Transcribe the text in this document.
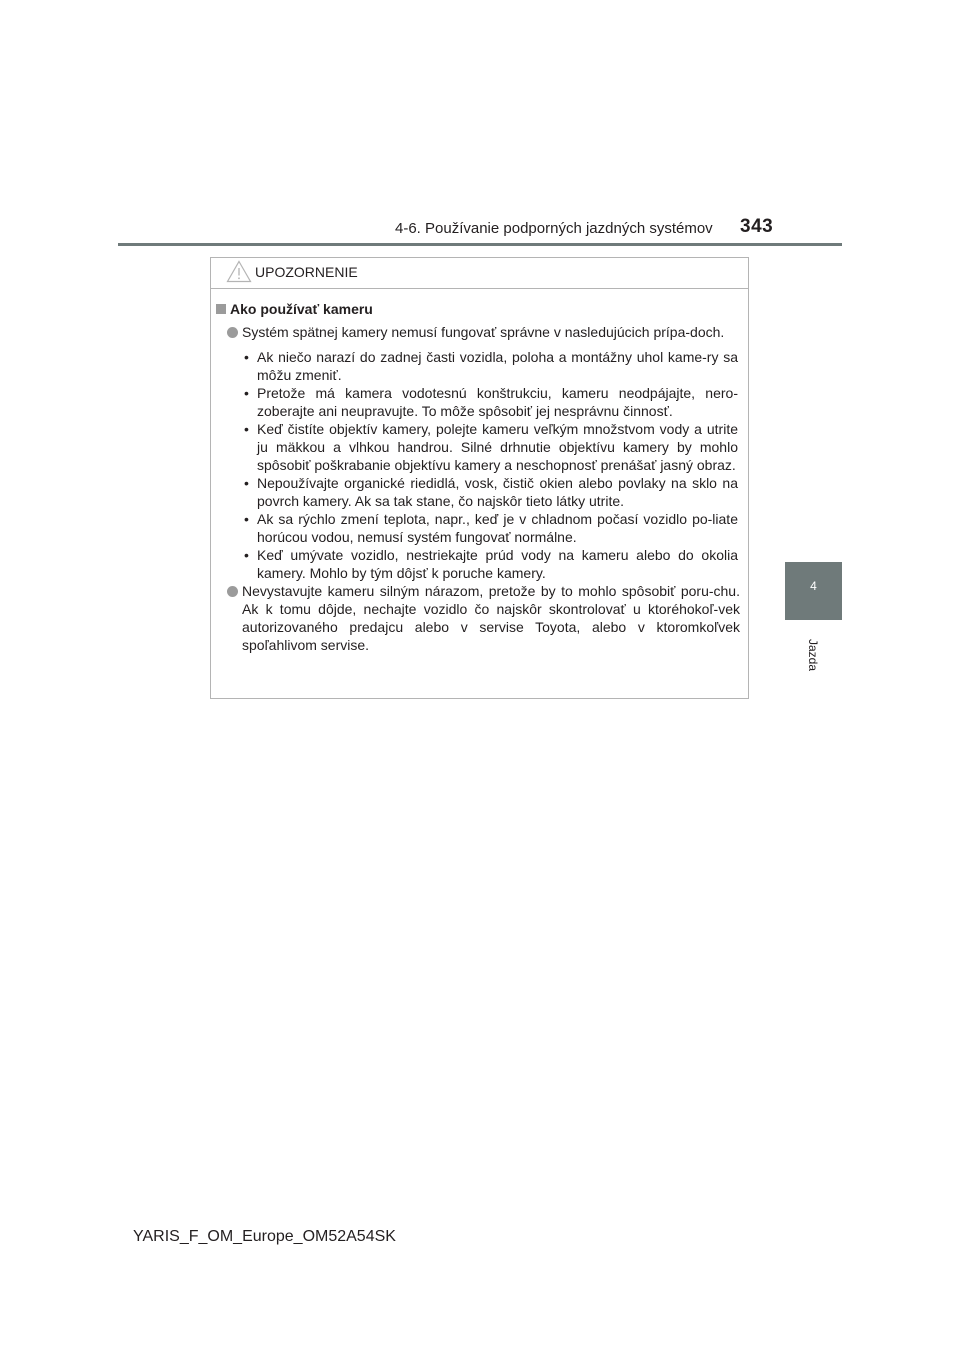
4-6. Používanie podporných jazdných systémov 343
4
Jazda
UPOZORNENIE
Ako používať kameru
Systém spätnej kamery nemusí fungovať správne v nasledujúcich prípa-doch.
• Ak niečo narazí do zadnej časti vozidla, poloha a montážny uhol kame-ry sa môžu zmeniť.
• Pretože má kamera vodotesnú konštrukciu, kameru neodpájajte, nero-zoberajte ani neupravujte. To môže spôsobiť jej nesprávnu činnosť.
• Keď čistíte objektív kamery, polejte kameru veľkým množstvom vody a utrite ju mäkkou a vlhkou handrou. Silné drhnutie objektívu kamery by mohlo spôsobiť poškrabanie objektívu kamery a neschopnosť prenášať jasný obraz.
• Nepoužívajte organické riedidlá, vosk, čistič okien alebo povlaky na sklo na povrch kamery. Ak sa tak stane, čo najskôr tieto látky utrite.
• Ak sa rýchlo zmení teplota, napr., keď je v chladnom počasí vozidlo po-liate horúcou vodou, nemusí systém fungovať normálne.
• Keď umývate vozidlo, nestriekajte prúd vody na kameru alebo do okolia kamery. Mohlo by tým dôjsť k poruche kamery.
Nevystavujte kameru silným nárazom, pretože by to mohlo spôsobiť poru-chu. Ak k tomu dôjde, nechajte vozidlo čo najskôr skontrolovať u ktoréhokoľ-vek autorizovaného predajcu alebo v servise Toyota, alebo v ktoromkoľvek spoľahlivom servise.
YARIS_F_OM_Europe_OM52A54SK
